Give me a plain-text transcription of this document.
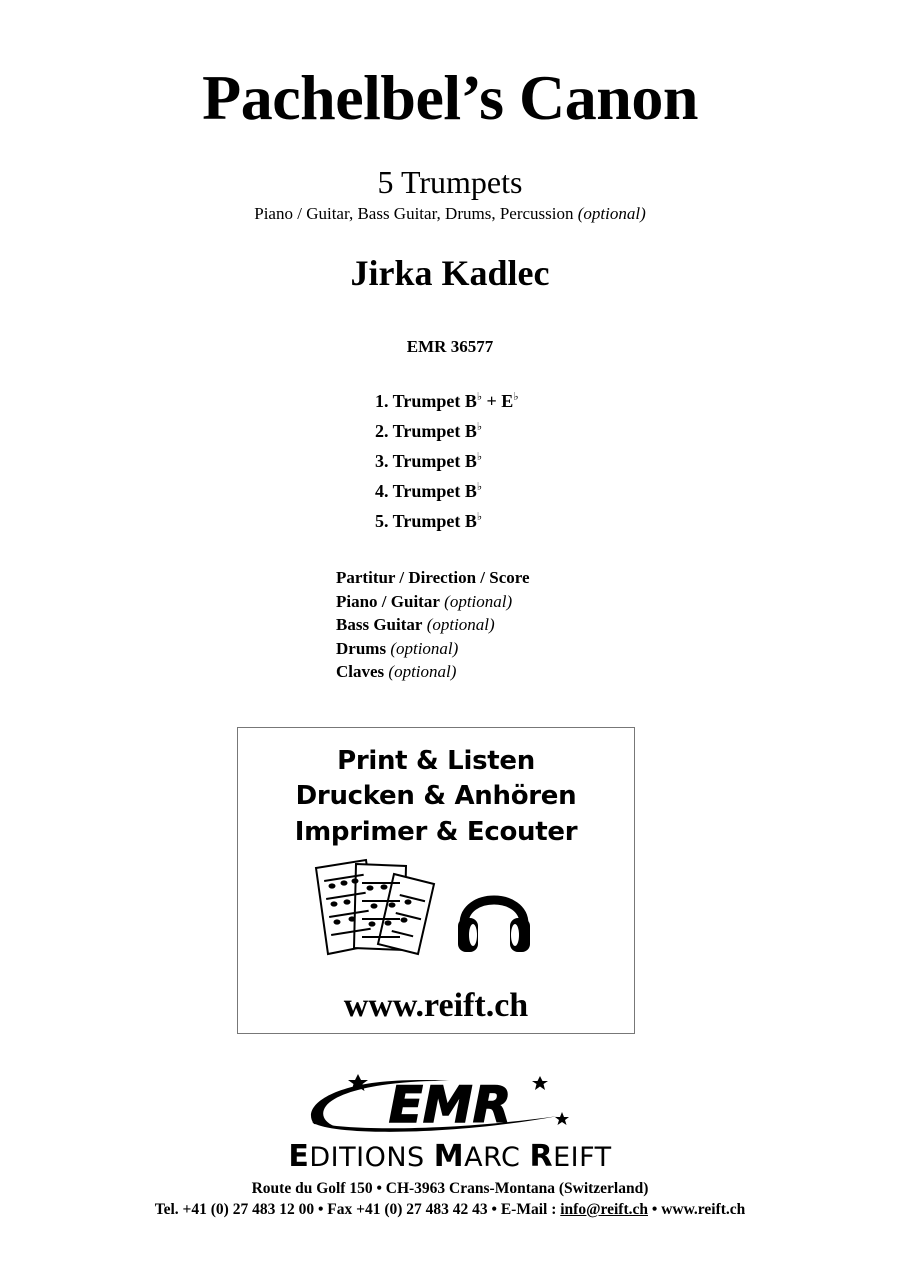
Pachelbel’s Canon
5 Trumpets
Piano / Guitar, Bass Guitar, Drums, Percussion (optional)
Jirka Kadlec
EMR 36577
1. Trumpet B♭ + E♭
2. Trumpet B♭
3. Trumpet B♭
4. Trumpet B♭
5. Trumpet B♭
Partitur / Direction / Score
Piano / Guitar (optional)
Bass Guitar (optional)
Drums (optional)
Claves (optional)
Print & Listen
Drucken & Anhören
Imprimer & Ecouter
www.reift.ch
EMR
EDITIONS MARC REIFT
Route du Golf 150 • CH-3963 Crans-Montana (Switzerland)
Tel. +41 (0) 27 483 12 00 • Fax +41 (0) 27 483 42 43 • E-Mail : info@reift.ch • www.reift.ch
